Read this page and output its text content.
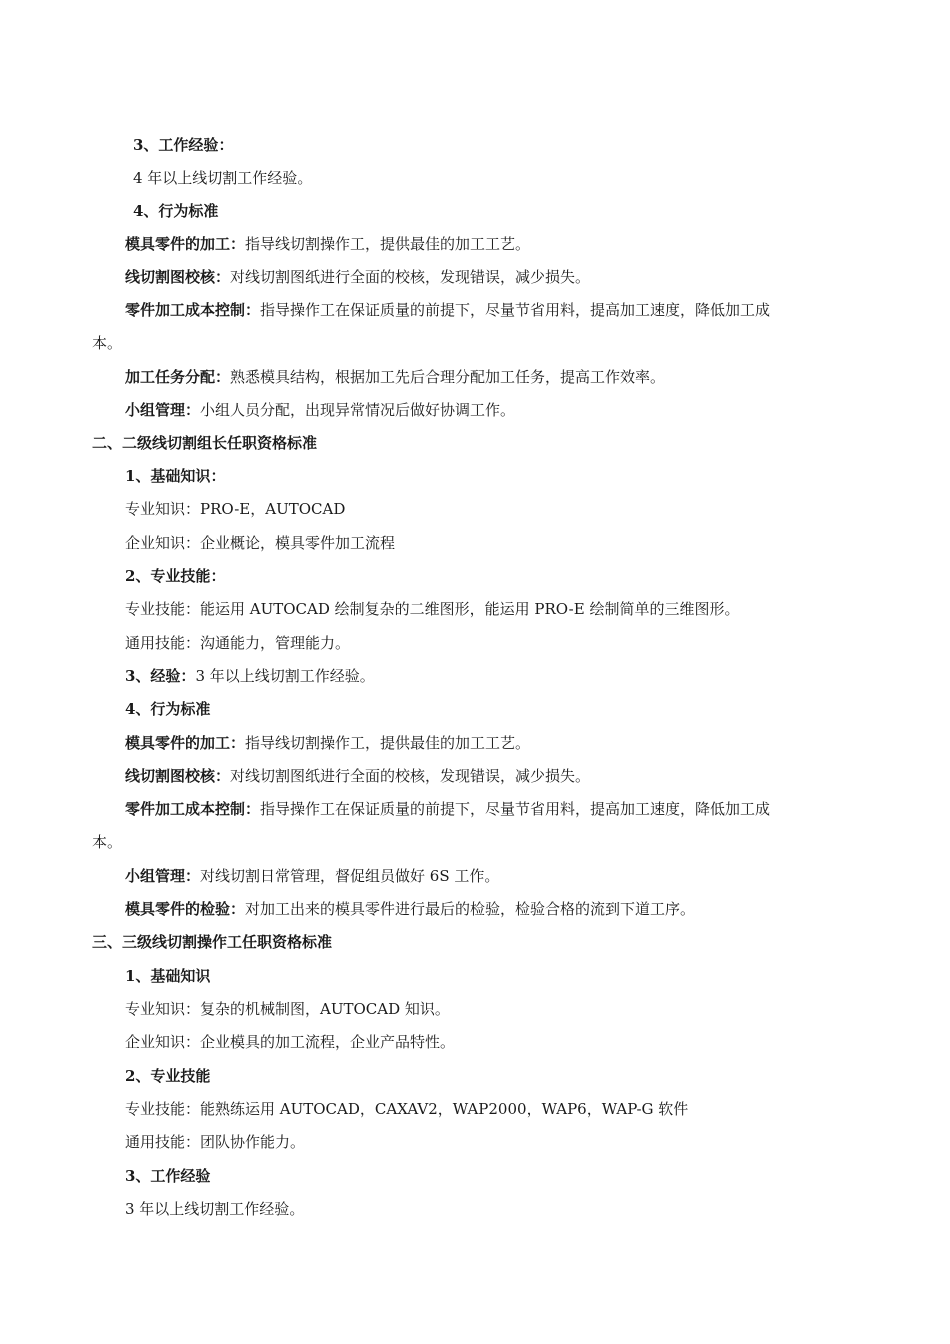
3、工作经验：
4 年以上线切割工作经验。
4、行为标准
模具零件的加工：指导线切割操作工，提供最佳的加工工艺。
线切割图校核：对线切割图纸进行全面的校核，发现错误，减少损失。
零件加工成本控制：指导操作工在保证质量的前提下，尽量节省用料，提高加工速度，降低加工成
本。
加工任务分配：熟悉模具结构，根据加工先后合理分配加工任务，提高工作效率。
小组管理：小组人员分配，出现异常情况后做好协调工作。
二、二级线切割组长任职资格标准
1、基础知识：
专业知识：PRO-E，AUTOCAD
企业知识：企业概论，模具零件加工流程
2、专业技能：
专业技能：能运用 AUTOCAD 绘制复杂的二维图形，能运用 PRO-E 绘制简单的三维图形。
通用技能：沟通能力，管理能力。
3、经验：3 年以上线切割工作经验。
4、行为标准
模具零件的加工：指导线切割操作工，提供最佳的加工工艺。
线切割图校核：对线切割图纸进行全面的校核，发现错误，减少损失。
零件加工成本控制：指导操作工在保证质量的前提下，尽量节省用料，提高加工速度，降低加工成
本。
小组管理：对线切割日常管理，督促组员做好 6S 工作。
模具零件的检验：对加工出来的模具零件进行最后的检验，检验合格的流到下道工序。
三、三级线切割操作工任职资格标准
1、基础知识
专业知识：复杂的机械制图，AUTOCAD 知识。
企业知识：企业模具的加工流程，企业产品特性。
2、专业技能
专业技能：能熟练运用 AUTOCAD，CAXAV2，WAP2000，WAP6，WAP-G 软件
通用技能：团队协作能力。
3、工作经验
3 年以上线切割工作经验。
